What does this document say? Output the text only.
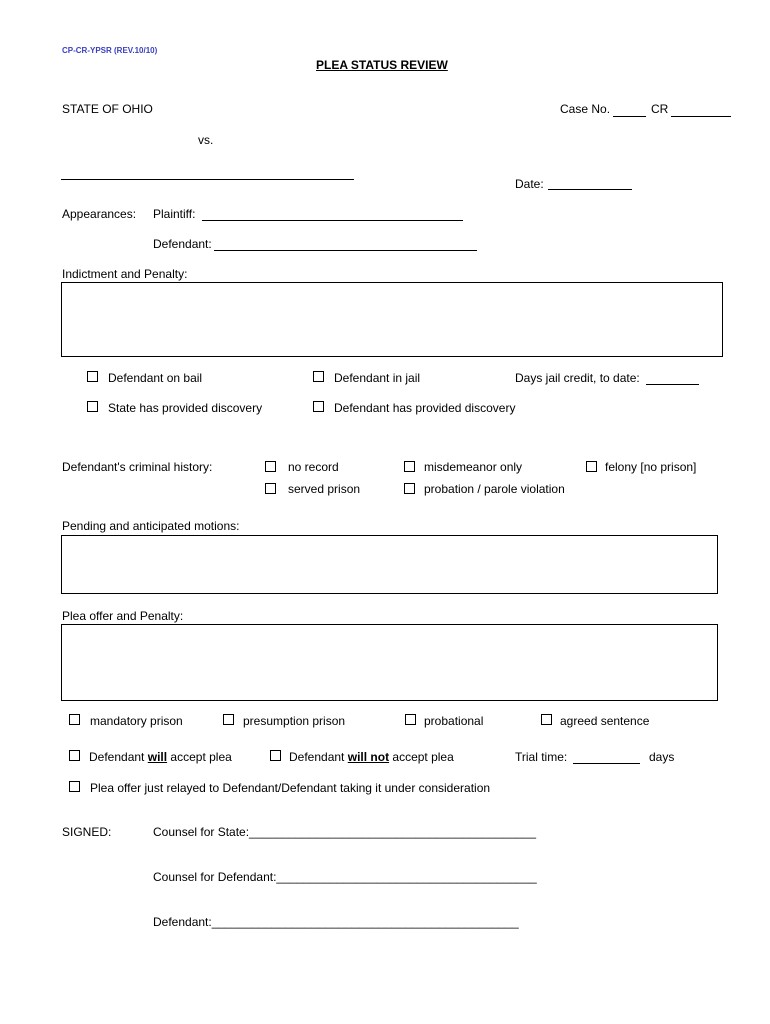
CP-CR-YPSR (REV.10/10)
PLEA STATUS REVIEW
STATE OF OHIO	Case No.	CR
vs.
Date:
Appearances: Plaintiff:
Defendant:
Indictment and Penalty:
Defendant on bail	Defendant in jail	Days jail credit, to date:
State has provided discovery	Defendant has provided discovery
Defendant's criminal history:	no record	misdemeanor only	felony [no prison]
served prison	probation / parole violation
Pending and anticipated motions:
Plea offer and Penalty:
mandatory prison	presumption prison	probational	agreed sentence
Defendant will accept plea	Defendant will not accept plea	Trial time:	days
Plea offer just relayed to Defendant/Defendant taking it under consideration
SIGNED:	Counsel for State:___________________________________________
Counsel for Defendant:_______________________________________
Defendant:______________________________________________
